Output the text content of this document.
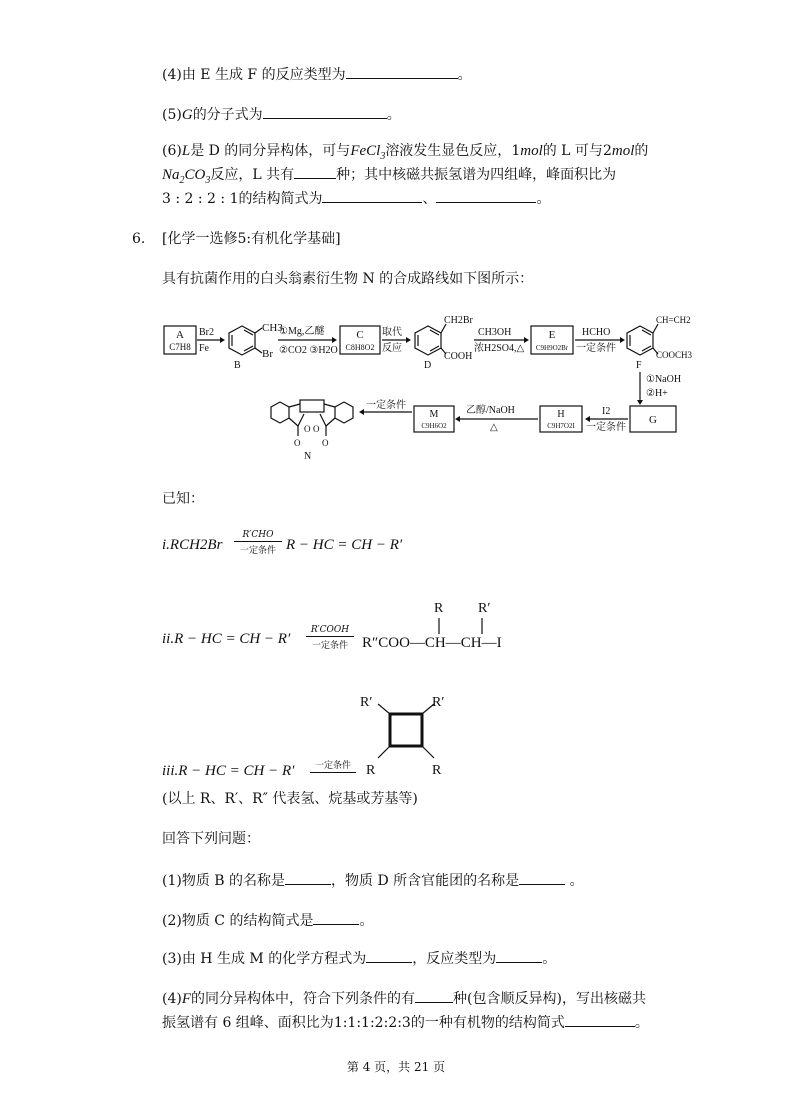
(4)由 E 生成 F 的反应类型为	。
(5)G的分子式为	。
(6)L是 D 的同分异构体，可与FeCl$_3$溶液发生显色反应，1mol的 L 可与2mol的
$Na_2CO_3$反应，L 共有	种；其中核磁共振氢谱为四组峰，峰面积比为
3 : 2 : 2 : 1的结构简式为	、	。
6. [化学一选修5:有机化学基础]
具有抗菌作用的白头翁素衍生物 N 的合成路线如下图所示：
A
C7H8
Br2
Fe
CH3
Br
B
①Mg,乙醚
②CO2 ③H2O
C
C8H8O2
取代
反应
CH2Br
COOH
D
CH3OH
浓H2SO4,△
E
C9H9O2Br
HCHO
一定条件
CH=CH2
COOCH3
F
①NaOH
②H+
G
I2
一定条件
H
C9H7O2I
乙醇/NaOH
△
M
C9H6O2
一定条件
O O
O O
N
已知：
i.RCH2Br
R′CHO
一定条件 R − HC = CH − R′
ii.R − HC = CH − R′
R′COOH
一定条件 R″COO—CH—CH—I
R R′
iii.R − HC = CH − R′	一定条件
R′	R′
R	R
(以上 R、R′、R″ 代表氢、烷基或芳基等)
回答下列问题：
(1)物质 B 的名称是	，物质 D 所含官能团的名称是	。
(2)物质 C 的结构简式是	。
(3)由 H 生成 M 的化学方程式为	，反应类型为	。
(4)F的同分异构体中，符合下列条件的有	种(包含顺反异构)，写出核磁共
振氢谱有 6 组峰、面积比为1:1:1:2:2:3的一种有机物的结构简式	。
第 4 页，共 21 页
